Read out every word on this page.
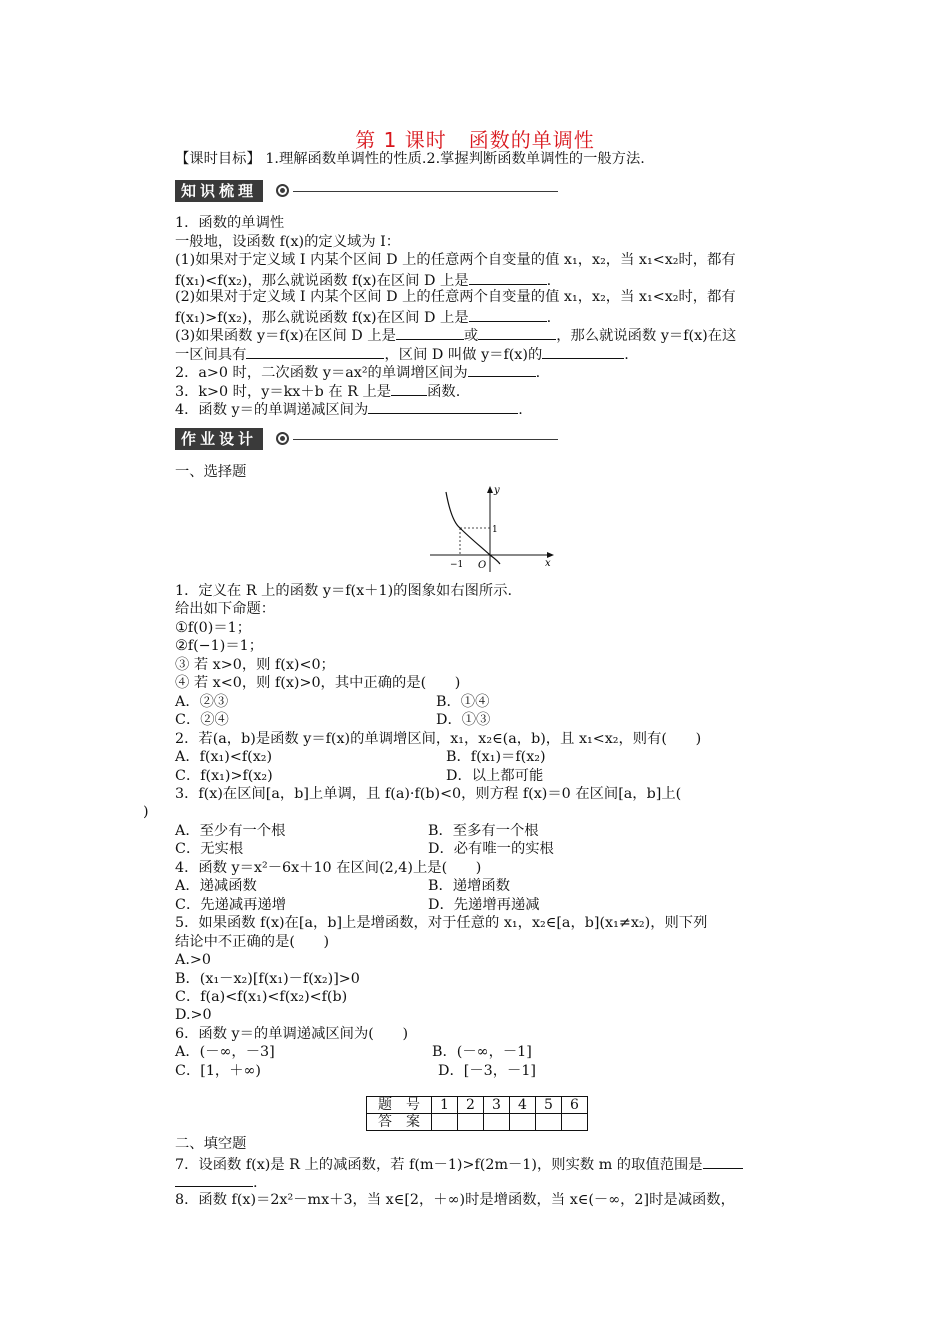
第 1 课时 函数的单调性
【课时目标】 1.理解函数单调性的性质.2.掌握判断函数单调性的一般方法.
知识梳理
1．函数的单调性
一般地，设函数 f(x)的定义域为 I：
(1)如果对于定义域 I 内某个区间 D 上的任意两个自变量的值 x₁，x₂，当 x₁<x₂时，都有
f(x₁)<f(x₂)，那么就说函数 f(x)在区间 D 上是	.
(2)如果对于定义域 I 内某个区间 D 上的任意两个自变量的值 x₁，x₂，当 x₁<x₂时，都有
f(x₁)>f(x₂)，那么就说函数 f(x)在区间 D 上是	.
(3)如果函数 y＝f(x)在区间 D 上是	或	，那么就说函数 y＝f(x)在这
一区间具有	，区间 D 叫做 y＝f(x)的	.
2．a>0 时，二次函数 y＝ax²的单调增区间为	.
3．k>0 时，y＝kx＋b 在 R 上是	函数.
4．函数 y＝的单调递减区间为	.
作业设计
一、选择题
y
x
O
−1
1
1．定义在 R 上的函数 y＝f(x＋1)的图象如右图所示.
给出如下命题：
①f(0)＝1；
②f(−1)＝1；
③ 若 x>0，则 f(x)<0；
④ 若 x<0，则 f(x)>0，其中正确的是(　　)
A．②③	B．①④
C．②④	D．①③
2．若(a，b)是函数 y＝f(x)的单调增区间，x₁，x₂∈(a，b)，且 x₁<x₂，则有(　　)
A．f(x₁)<f(x₂)	B．f(x₁)＝f(x₂)
C．f(x₁)>f(x₂)	D．以上都可能
3．f(x)在区间[a，b]上单调，且 f(a)·f(b)<0，则方程 f(x)＝0 在区间[a，b]上(
)
A．至少有一个根	B．至多有一个根
C．无实根	D．必有唯一的实根
4．函数 y＝x²－6x＋10 在区间(2,4)上是(　　)
A．递减函数	B．递增函数
C．先递减再递增	D．先递增再递减
5．如果函数 f(x)在[a，b]上是增函数，对于任意的 x₁，x₂∈[a，b](x₁≠x₂)，则下列
结论中不正确的是(　　)
A.>0
B．(x₁－x₂)[f(x₁)－f(x₂)]>0
C．f(a)<f(x₁)<f(x₂)<f(b)
D.>0
6．函数 y＝的单调递减区间为(　　)
A．(－∞，－3]	B．(－∞，－1]
C．[1，＋∞)	D．[－3，－1]
题　号	1	2	3	4	5	6
答　案						
二、填空题
7．设函数 f(x)是 R 上的减函数，若 f(m－1)>f(2m－1)，则实数 m 的取值范围是
.
8．函数 f(x)＝2x²－mx＋3，当 x∈[2，＋∞)时是增函数，当 x∈(－∞，2]时是减函数，
